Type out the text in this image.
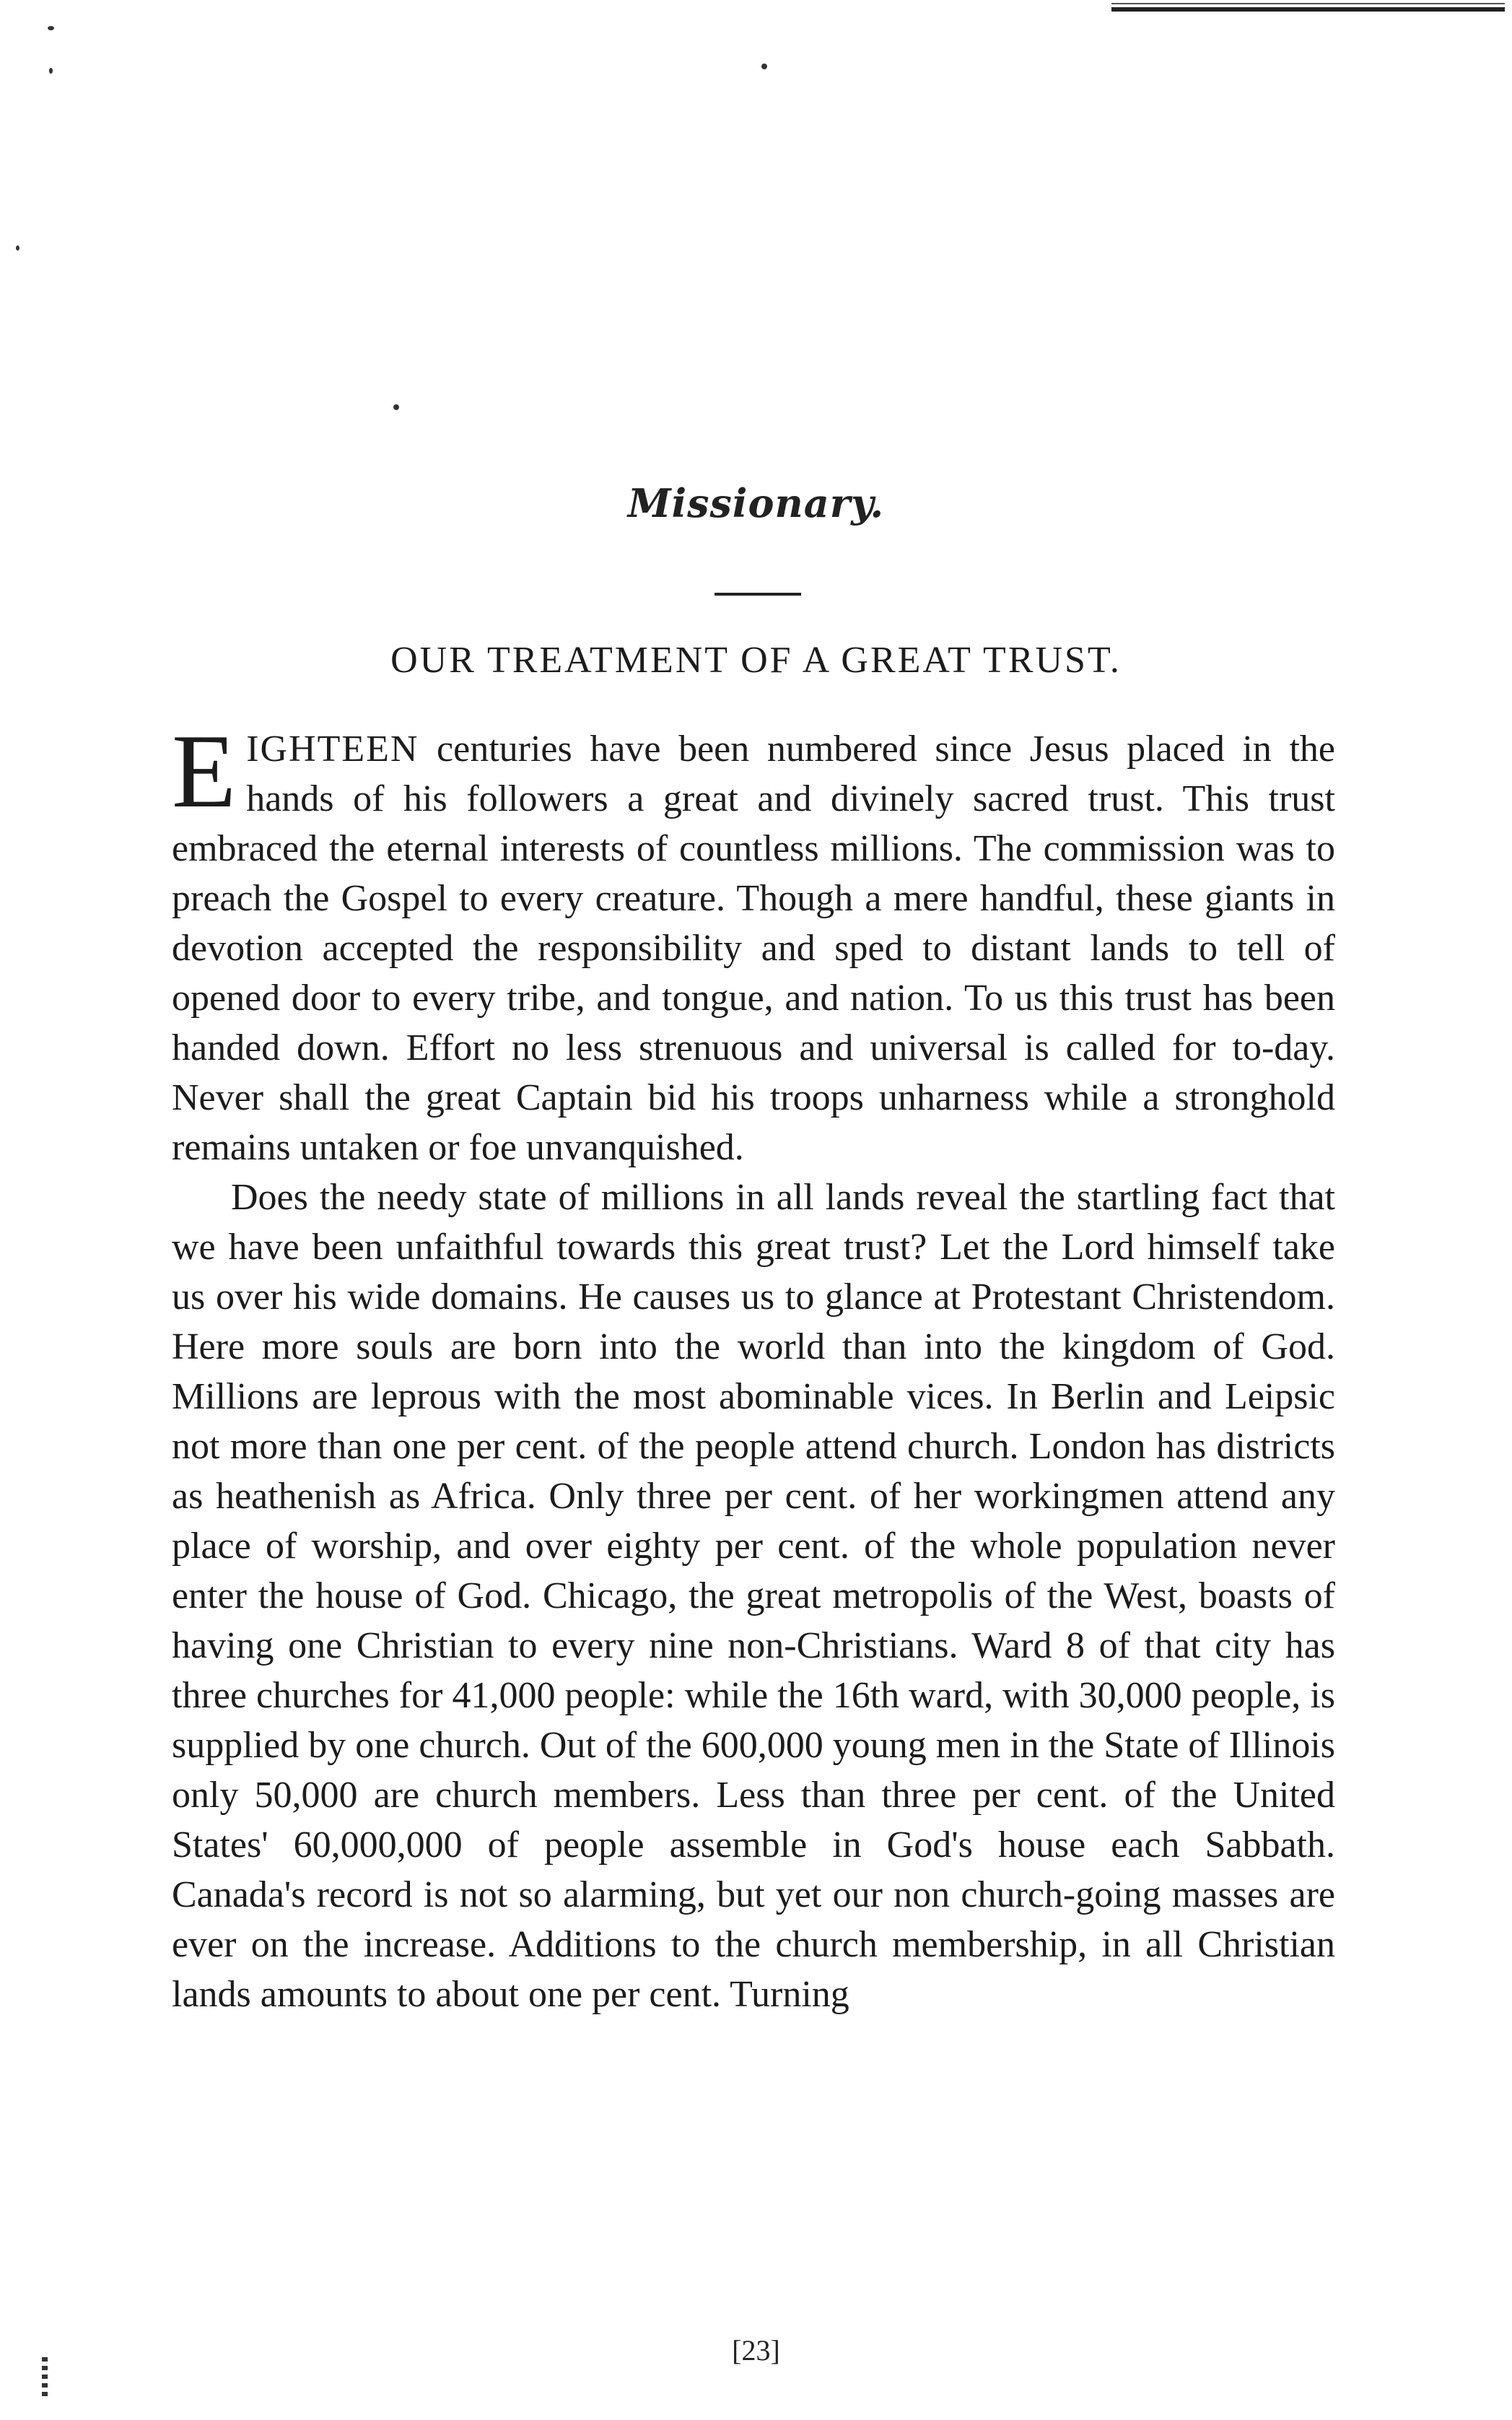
Missionary.
OUR TREATMENT OF A GREAT TRUST.

EIGHTEEN centuries have been numbered since Jesus placed in the hands of his followers a great and divinely sacred trust. This trust embraced the eternal interests of countless millions. The commission was to preach the Gospel to every creature. Though a mere handful, these giants in devotion accepted the responsibility and sped to distant lands to tell of opened door to every tribe, and tongue, and nation. To us this trust has been handed down. Effort no less strenuous and universal is called for to-day. Never shall the great Captain bid his troops unharness while a stronghold remains untaken or foe unvanquished.

Does the needy state of millions in all lands reveal the startling fact that we have been unfaithful towards this great trust? Let the Lord himself take us over his wide domains. He causes us to glance at Protestant Christendom. Here more souls are born into the world than into the kingdom of God. Millions are leprous with the most abominable vices. In Berlin and Leipsic not more than one per cent. of the people attend church. London has districts as heathenish as Africa. Only three per cent. of her workingmen attend any place of worship, and over eighty per cent. of the whole population never enter the house of God. Chicago, the great metropolis of the West, boasts of having one Christian to every nine non-Christians. Ward 8 of that city has three churches for 41,000 people: while the 16th ward, with 30,000 people, is supplied by one church. Out of the 600,000 young men in the State of Illinois only 50,000 are church members. Less than three per cent. of the United States' 60,000,000 of people assemble in God's house each Sabbath. Canada's record is not so alarming, but yet our non church-going masses are ever on the increase. Additions to the church membership, in all Christian lands amounts to about one per cent. Turning

[23]
